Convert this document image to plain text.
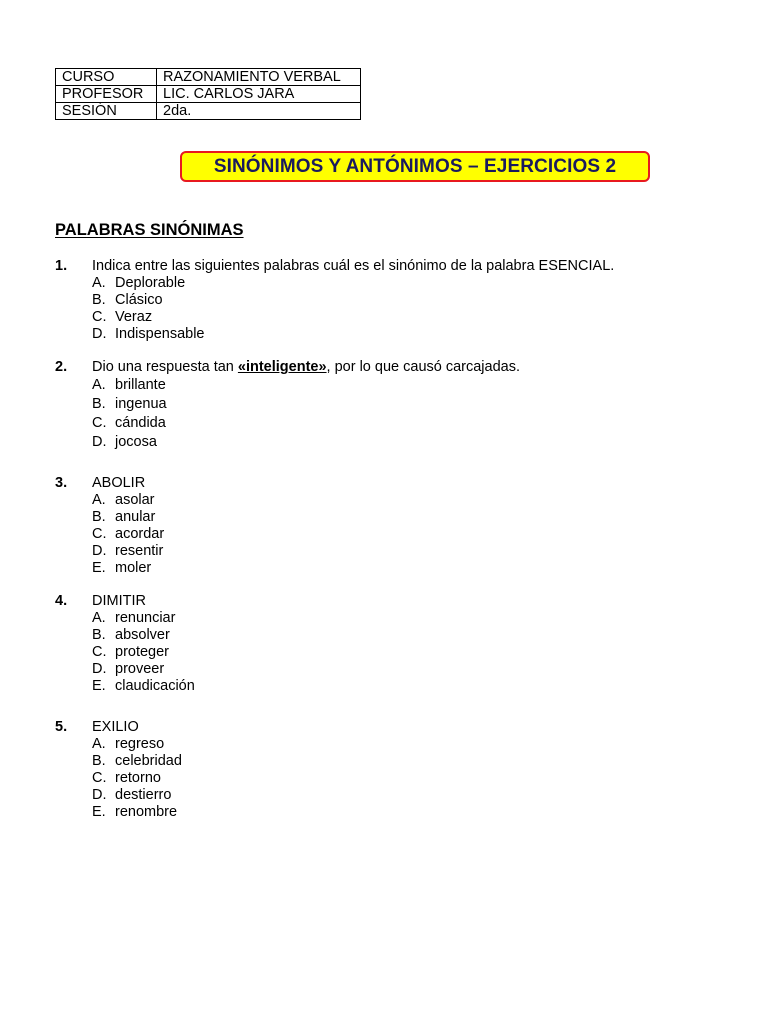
CURSO	RAZONAMIENTO VERBAL
PROFESOR	LIC. CARLOS JARA
SESIÓN	2da.
SINÓNIMOS Y ANTÓNIMOS – EJERCICIOS 2
PALABRAS SINÓNIMAS
1.	Indica entre las siguientes palabras cuál es el sinónimo de la palabra ESENCIAL.
A. Deplorable
B. Clásico
C. Veraz
D. Indispensable
2.	Dio una respuesta tan «inteligente», por lo que causó carcajadas.
A. brillante
B. ingenua
C. cándida
D. jocosa
3.	ABOLIR
A. asolar
B. anular
C. acordar
D. resentir
E. moler
4.	DIMITIR
A. renunciar
B. absolver
C. proteger
D. proveer
E. claudicación
5.	EXILIO
A. regreso
B. celebridad
C. retorno
D. destierro
E. renombre
